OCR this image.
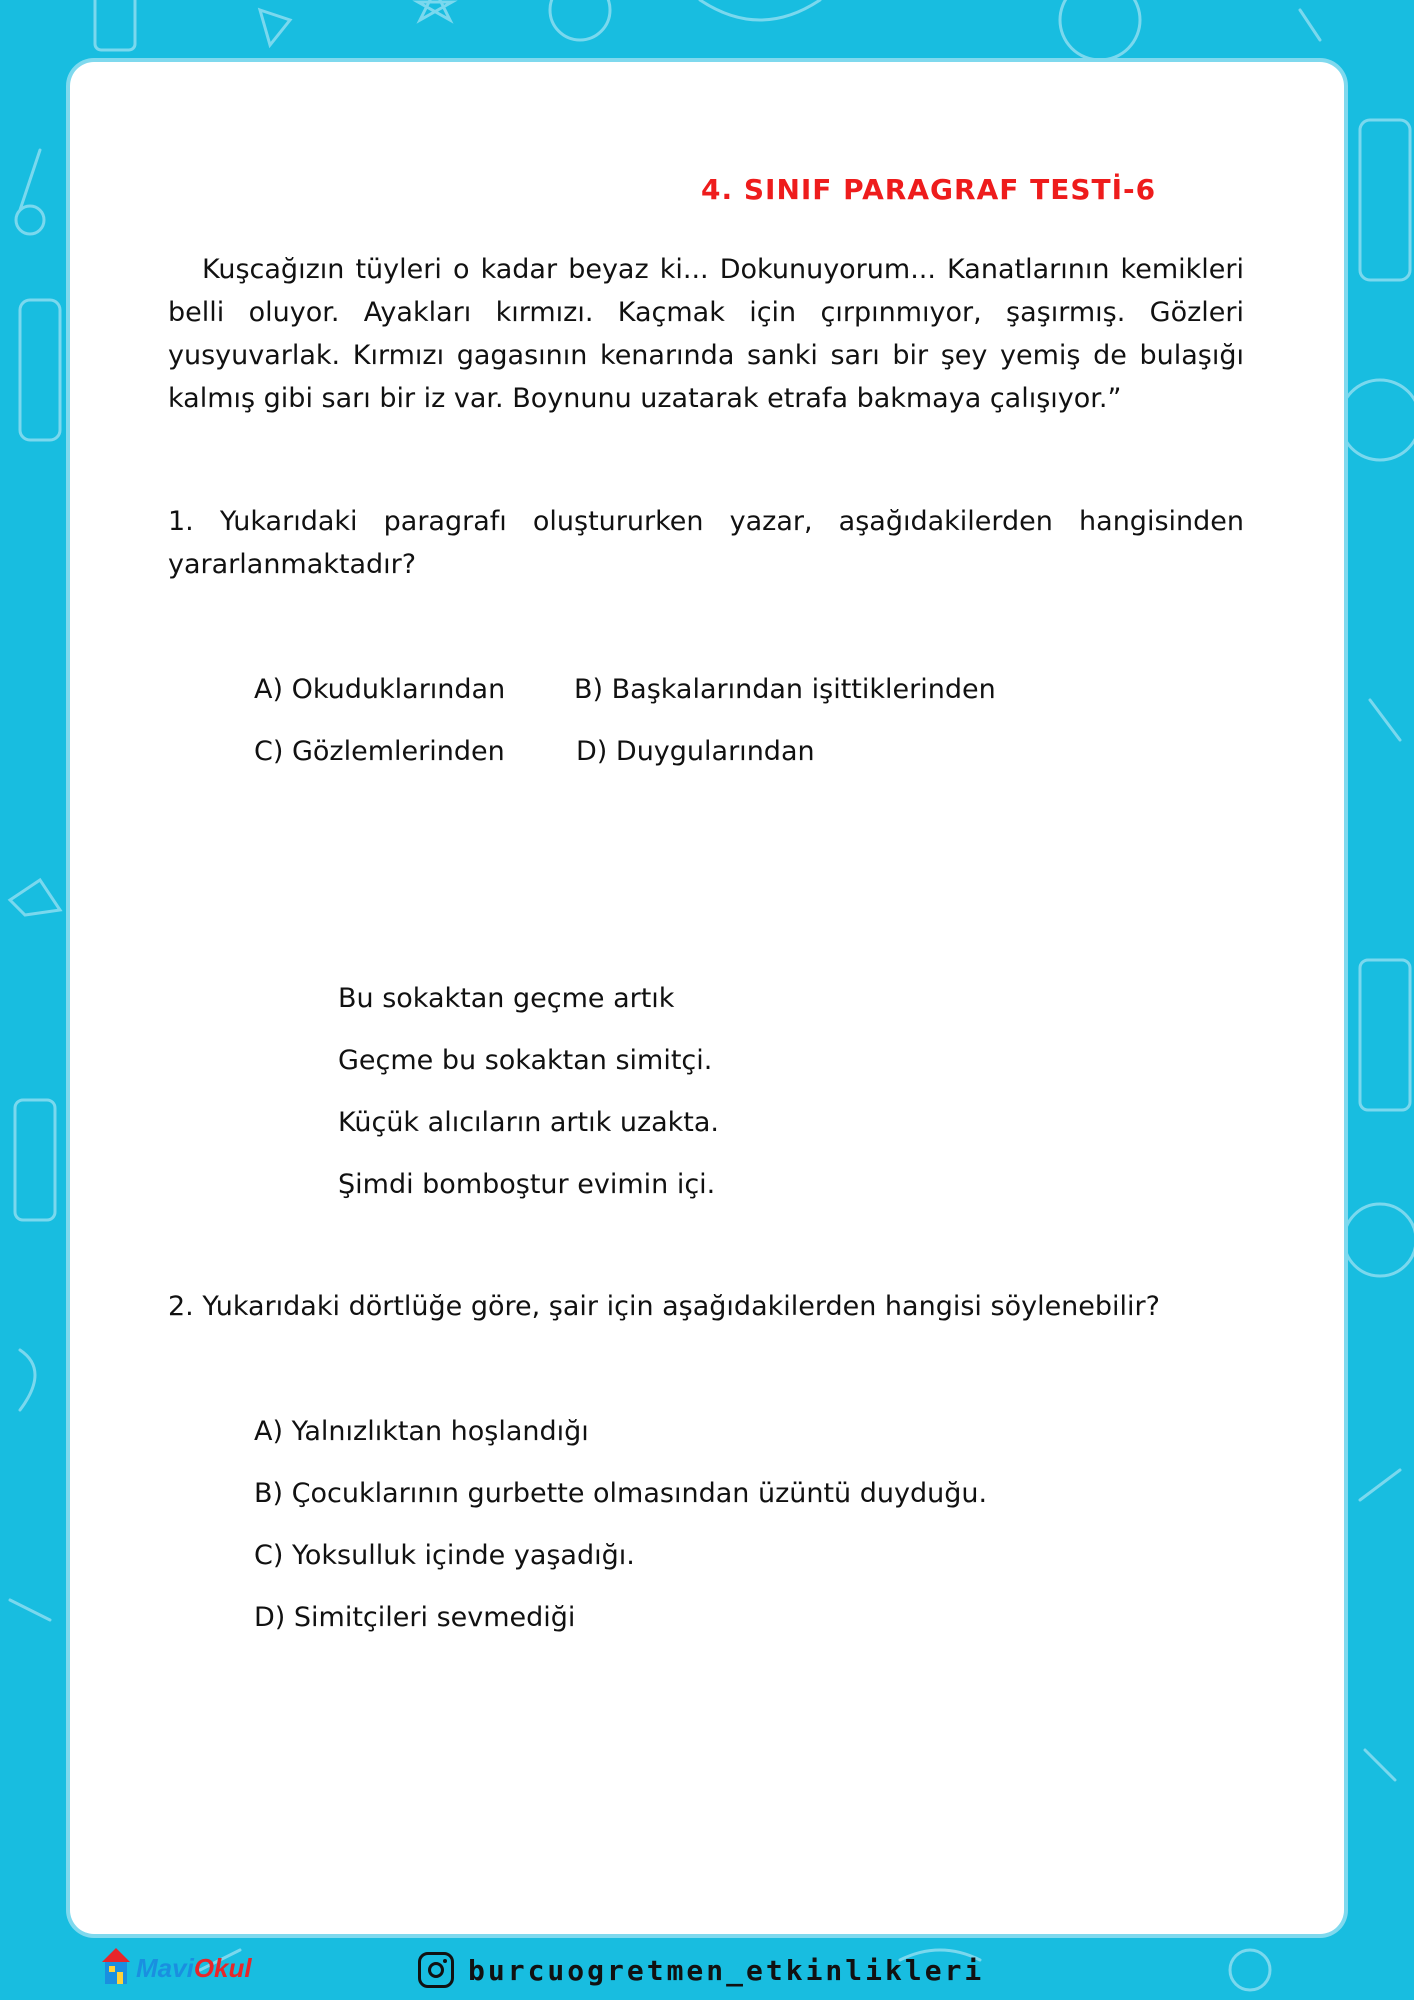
4. SINIF PARAGRAF TESTİ-6
Kuşcağızın tüyleri o kadar beyaz ki... Dokunuyorum... Kanatlarının kemikleri belli oluyor. Ayakları kırmızı. Kaçmak için çırpınmıyor, şaşırmış. Gözleri yusyuvarlak. Kırmızı gagasının kenarında sanki sarı bir şey yemiş de bulaşığı kalmış gibi sarı bir iz var. Boynunu uzatarak etrafa bakmaya çalışıyor.”
1. Yukarıdaki paragrafı oluştururken yazar, aşağıdakilerden hangisinden yararlanmaktadır?
A) Okuduklarından	B) Başkalarından işittiklerinden
C) Gözlemlerinden	D) Duygularından
Bu sokaktan geçme artık
Geçme bu sokaktan simitçi.
Küçük alıcıların artık uzakta.
Şimdi bomboştur evimin içi.
2. Yukarıdaki dörtlüğe göre, şair için aşağıdakilerden hangisi söylenebilir?
A) Yalnızlıktan hoşlandığı
B) Çocuklarının gurbette olmasından üzüntü duyduğu.
C) Yoksulluk içinde yaşadığı.
D) Simitçileri sevmediği
MaviOkul	burcuogretmen_etkinlikleri
